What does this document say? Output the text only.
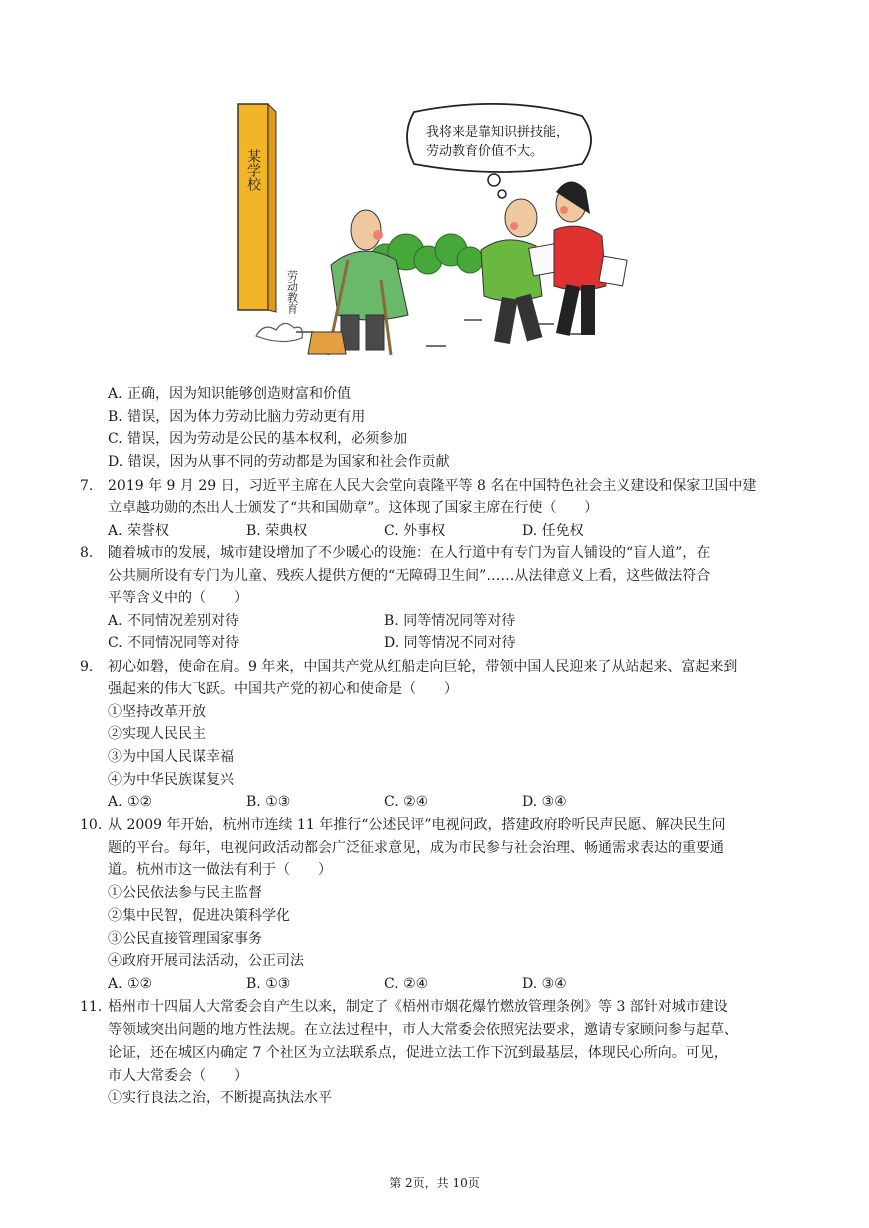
某学校
劳动教育
我将来是靠知识拼技能，
劳动教育价值不大。
A. 正确，因为知识能够创造财富和价值
B. 错误，因为体力劳动比脑力劳动更有用
C. 错误，因为劳动是公民的基本权利，必须参加
D. 错误，因为从事不同的劳动都是为国家和社会作贡献
7. 2019 年 9 月 29 日，习近平主席在人民大会堂向袁隆平等 8 名在中国特色社会主义建设和保家卫国中建
立卓越功勋的杰出人士颁发了“共和国勋章”。这体现了国家主席在行使（　　）
A. 荣誉权	B. 荣典权	C. 外事权	D. 任免权
8. 随着城市的发展，城市建设增加了不少暖心的设施：在人行道中有专门为盲人铺设的“盲人道”，在
公共厕所设有专门为儿童、残疾人提供方便的“无障碍卫生间”……从法律意义上看，这些做法符合
平等含义中的（　　）
A. 不同情况差别对待	B. 同等情况同等对待
C. 不同情况同等对待	D. 同等情况不同对待
9. 初心如磐，使命在肩。9 年来，中国共产党从红船走向巨轮，带领中国人民迎来了从站起来、富起来到
强起来的伟大飞跃。中国共产党的初心和使命是（　　）
①坚持改革开放
②实现人民民主
③为中国人民谋幸福
④为中华民族谋复兴
A. ①②	B. ①③	C. ②④	D. ③④
10. 从 2009 年开始，杭州市连续 11 年推行“公述民评”电视问政，搭建政府聆听民声民愿、解决民生问
题的平台。每年，电视问政活动都会广泛征求意见，成为市民参与社会治理、畅通需求表达的重要通
道。杭州市这一做法有利于（　　）
①公民依法参与民主监督
②集中民智，促进决策科学化
③公民直接管理国家事务
④政府开展司法活动，公正司法
A. ①②	B. ①③	C. ②④	D. ③④
11. 梧州市十四届人大常委会自产生以来，制定了《梧州市烟花爆竹燃放管理条例》等 3 部针对城市建设
等领域突出问题的地方性法规。在立法过程中，市人大常委会依照宪法要求，邀请专家顾问参与起草、
论证，还在城区内确定 7 个社区为立法联系点，促进立法工作下沉到最基层，体现民心所向。可见，
市人大常委会（　　）
①实行良法之治，不断提高执法水平
第 2页，共 10页
